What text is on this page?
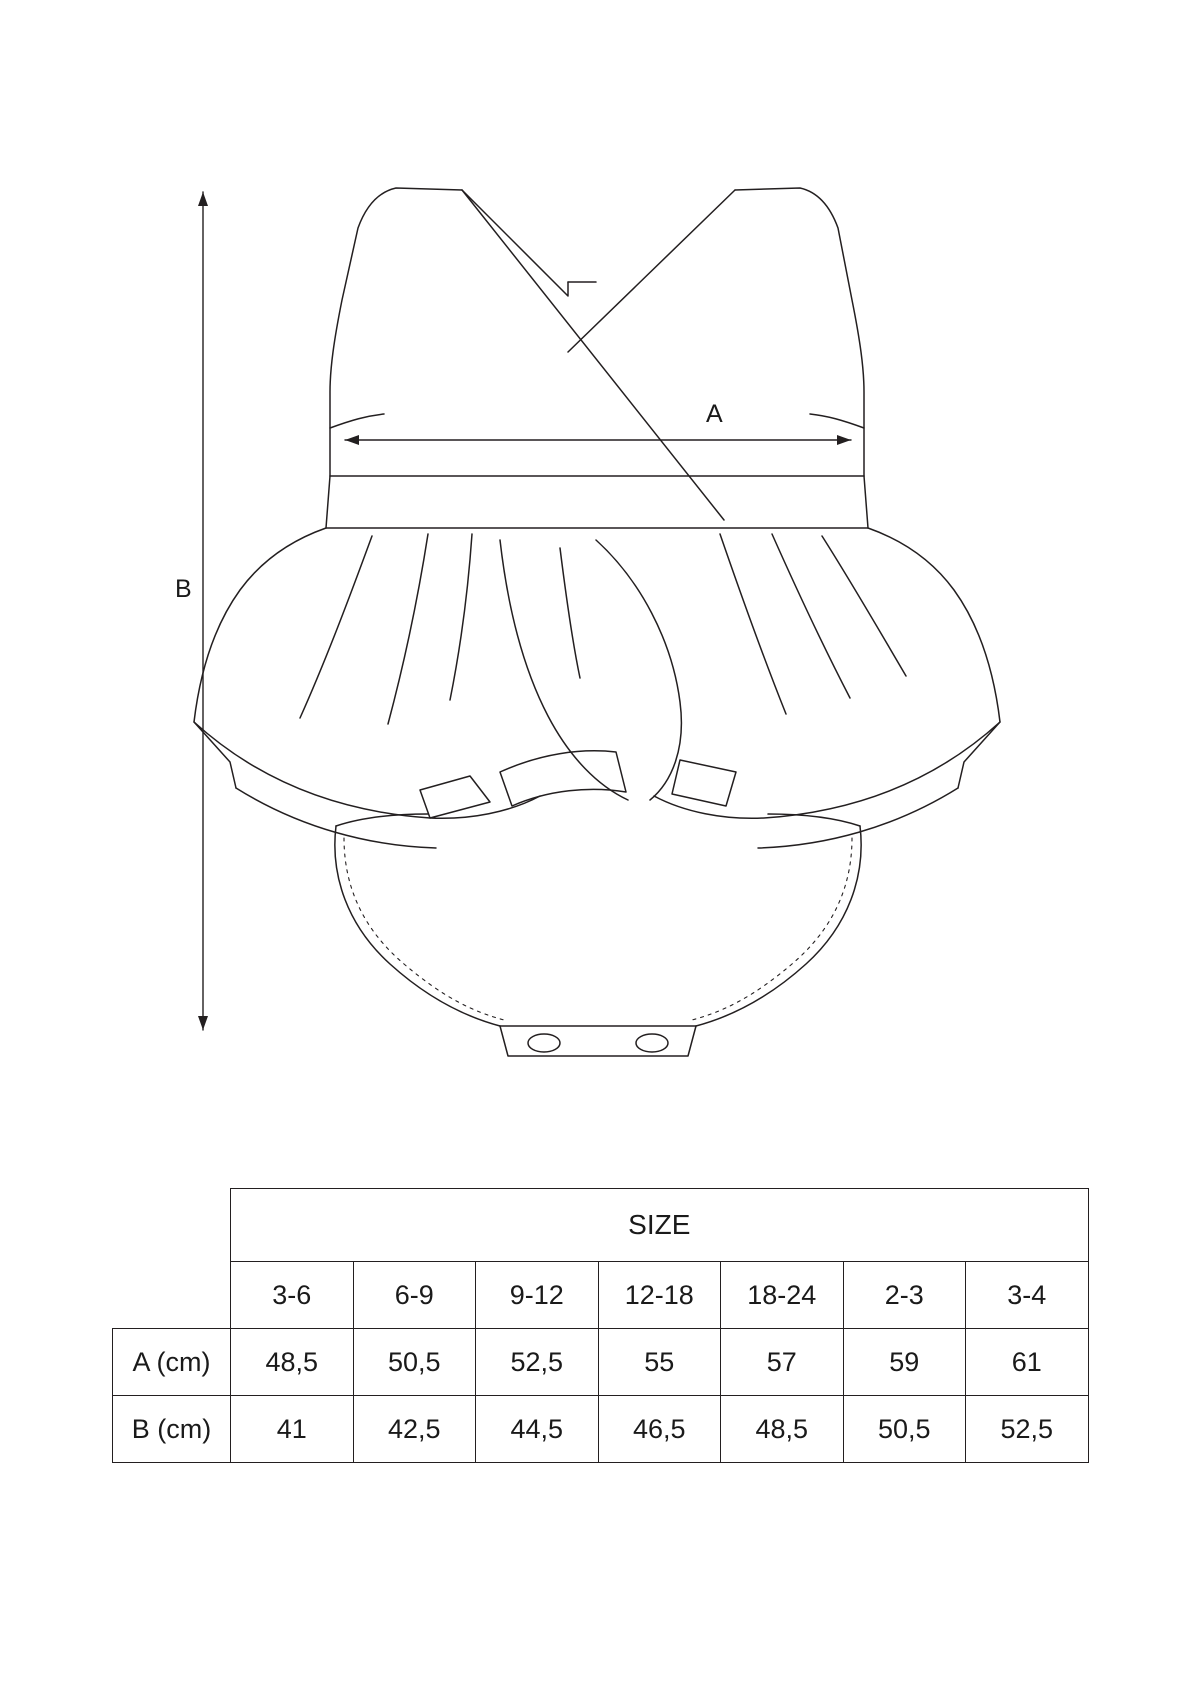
A
B
	SIZE						
	3-6	6-9	9-12	12-18	18-24	2-3	3-4
A (cm)	48,5	50,5	52,5	55	57	59	61
B (cm)	41	42,5	44,5	46,5	48,5	50,5	52,5
